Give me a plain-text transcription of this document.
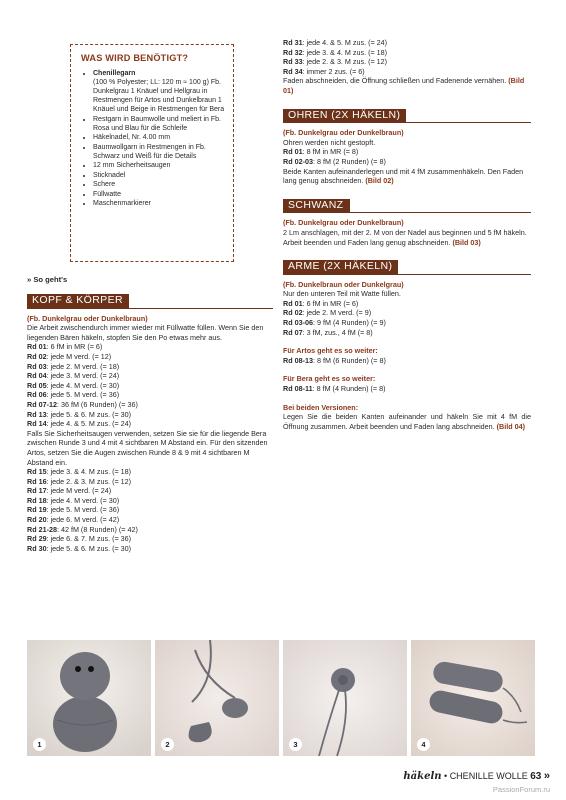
WAS WIRD BENÖTIGT?
• Chenillegarn
(100 % Polyester; LL: 120 m ≈ 100 g) Fb. Dunkelgrau 1 Knäuel und Hellgrau in Restmengen für Artos und Dunkelbraun 1 Knäuel und Beige in Restmengen für Bera
• Restgarn in Baumwolle und meliert in Fb. Rosa und Blau für die Schleife
• Häkelnadel, Nr. 4.00 mm
• Baumwollgarn in Restmengen in Fb. Schwarz und Weiß für die Details
• 12 mm Sicherheitsaugen
• Sticknadel
• Schere
• Füllwatte
• Maschenmarkierer
» So geht's
KOPF & KÖRPER

(Fb. Dunkelgrau oder Dunkelbraun)

Die Arbeit zwischendurch immer wieder mit Füllwatte füllen. Wenn Sie den liegenden Bären häkeln, stopfen Sie den Po etwas mehr aus.

Rd 01: 6 fM in MR (= 6)

Rd 02: jede M verd. (= 12)

Rd 03: jede 2. M verd. (= 18)

Rd 04: jede 3. M verd. (= 24)

Rd 05: jede 4. M verd. (= 30)

Rd 06: jede 5. M verd. (= 36)

Rd 07-12: 36 fM (6 Runden) (= 36)

Rd 13: jede 5. & 6. M zus. (= 30)

Rd 14: jede 4. & 5. M zus. (= 24)

Falls Sie Sicherheitsaugen verwenden, setzen Sie sie für die liegende Bera zwischen Runde 3 und 4 mit 4 sichtbaren M Abstand ein. Für den sitzenden Artos, setzen Sie die Augen zwischen Runde 8 & 9 mit 4 sichtbaren M Abstand ein.

Rd 15: jede 3. & 4. M zus. (= 18)

Rd 16: jede 2. & 3. M zus. (= 12)

Rd 17: jede M verd. (= 24)

Rd 18: jede 4. M verd. (= 30)

Rd 19: jede 5. M verd. (= 36)

Rd 20: jede 6. M verd. (= 42)

Rd 21-28: 42 fM (8 Runden) (= 42)

Rd 29: jede 6. & 7. M zus. (= 36)

Rd 30: jede 5. & 6. M zus. (= 30)

Rd 31: jede 4. & 5. M zus. (= 24)

Rd 32: jede 3. & 4. M zus. (= 18)

Rd 33: jede 2. & 3. M zus. (= 12)

Rd 34: immer 2 zus. (= 6)

Faden abschneiden, die Öffnung schließen und Fadenende vernähen. (Bild 01)

OHREN (2X HÄKELN)

(Fb. Dunkelgrau oder Dunkelbraun)

Ohren werden nicht gestopft.

Rd 01: 8 fM in MR (= 8)

Rd 02-03: 8 fM (2 Runden) (= 8)

Beide Kanten aufeinanderlegen und mit 4 fM zusammenhäkeln. Den Faden lang genug abschneiden. (Bild 02)

SCHWANZ

(Fb. Dunkelgrau oder Dunkelbraun)

2 Lm anschlagen, mit der 2. M von der Nadel aus beginnen und 5 fM häkeln. Arbeit beenden und Faden lang genug abschneiden. (Bild 03)

ARME (2X HÄKELN)

(Fb. Dunkelbraun oder Dunkelgrau)

Nur den unteren Teil mit Watte füllen.

Rd 01: 6 fM in MR (= 6)

Rd 02: jede 2. M verd. (= 9)

Rd 03-06: 9 fM (4 Runden) (= 9)

Rd 07: 3 fM, zus., 4 fM (= 8)

Für Artos geht es so weiter:

Rd 08-13: 8 fM (6 Runden) (= 8)

Für Bera geht es so weiter:

Rd 08-11: 8 fM (4 Runden) (= 8)

Bei beiden Versionen:

Legen Sie die beiden Kanten aufeinander und häkeln Sie mit 4 fM die Öffnung zusammen. Arbeit beenden und Faden lang abschneiden. (Bild 04)

1	2	3	4
häkeln • CHENILLE WOLLE 63 »
PassionForum.ru
